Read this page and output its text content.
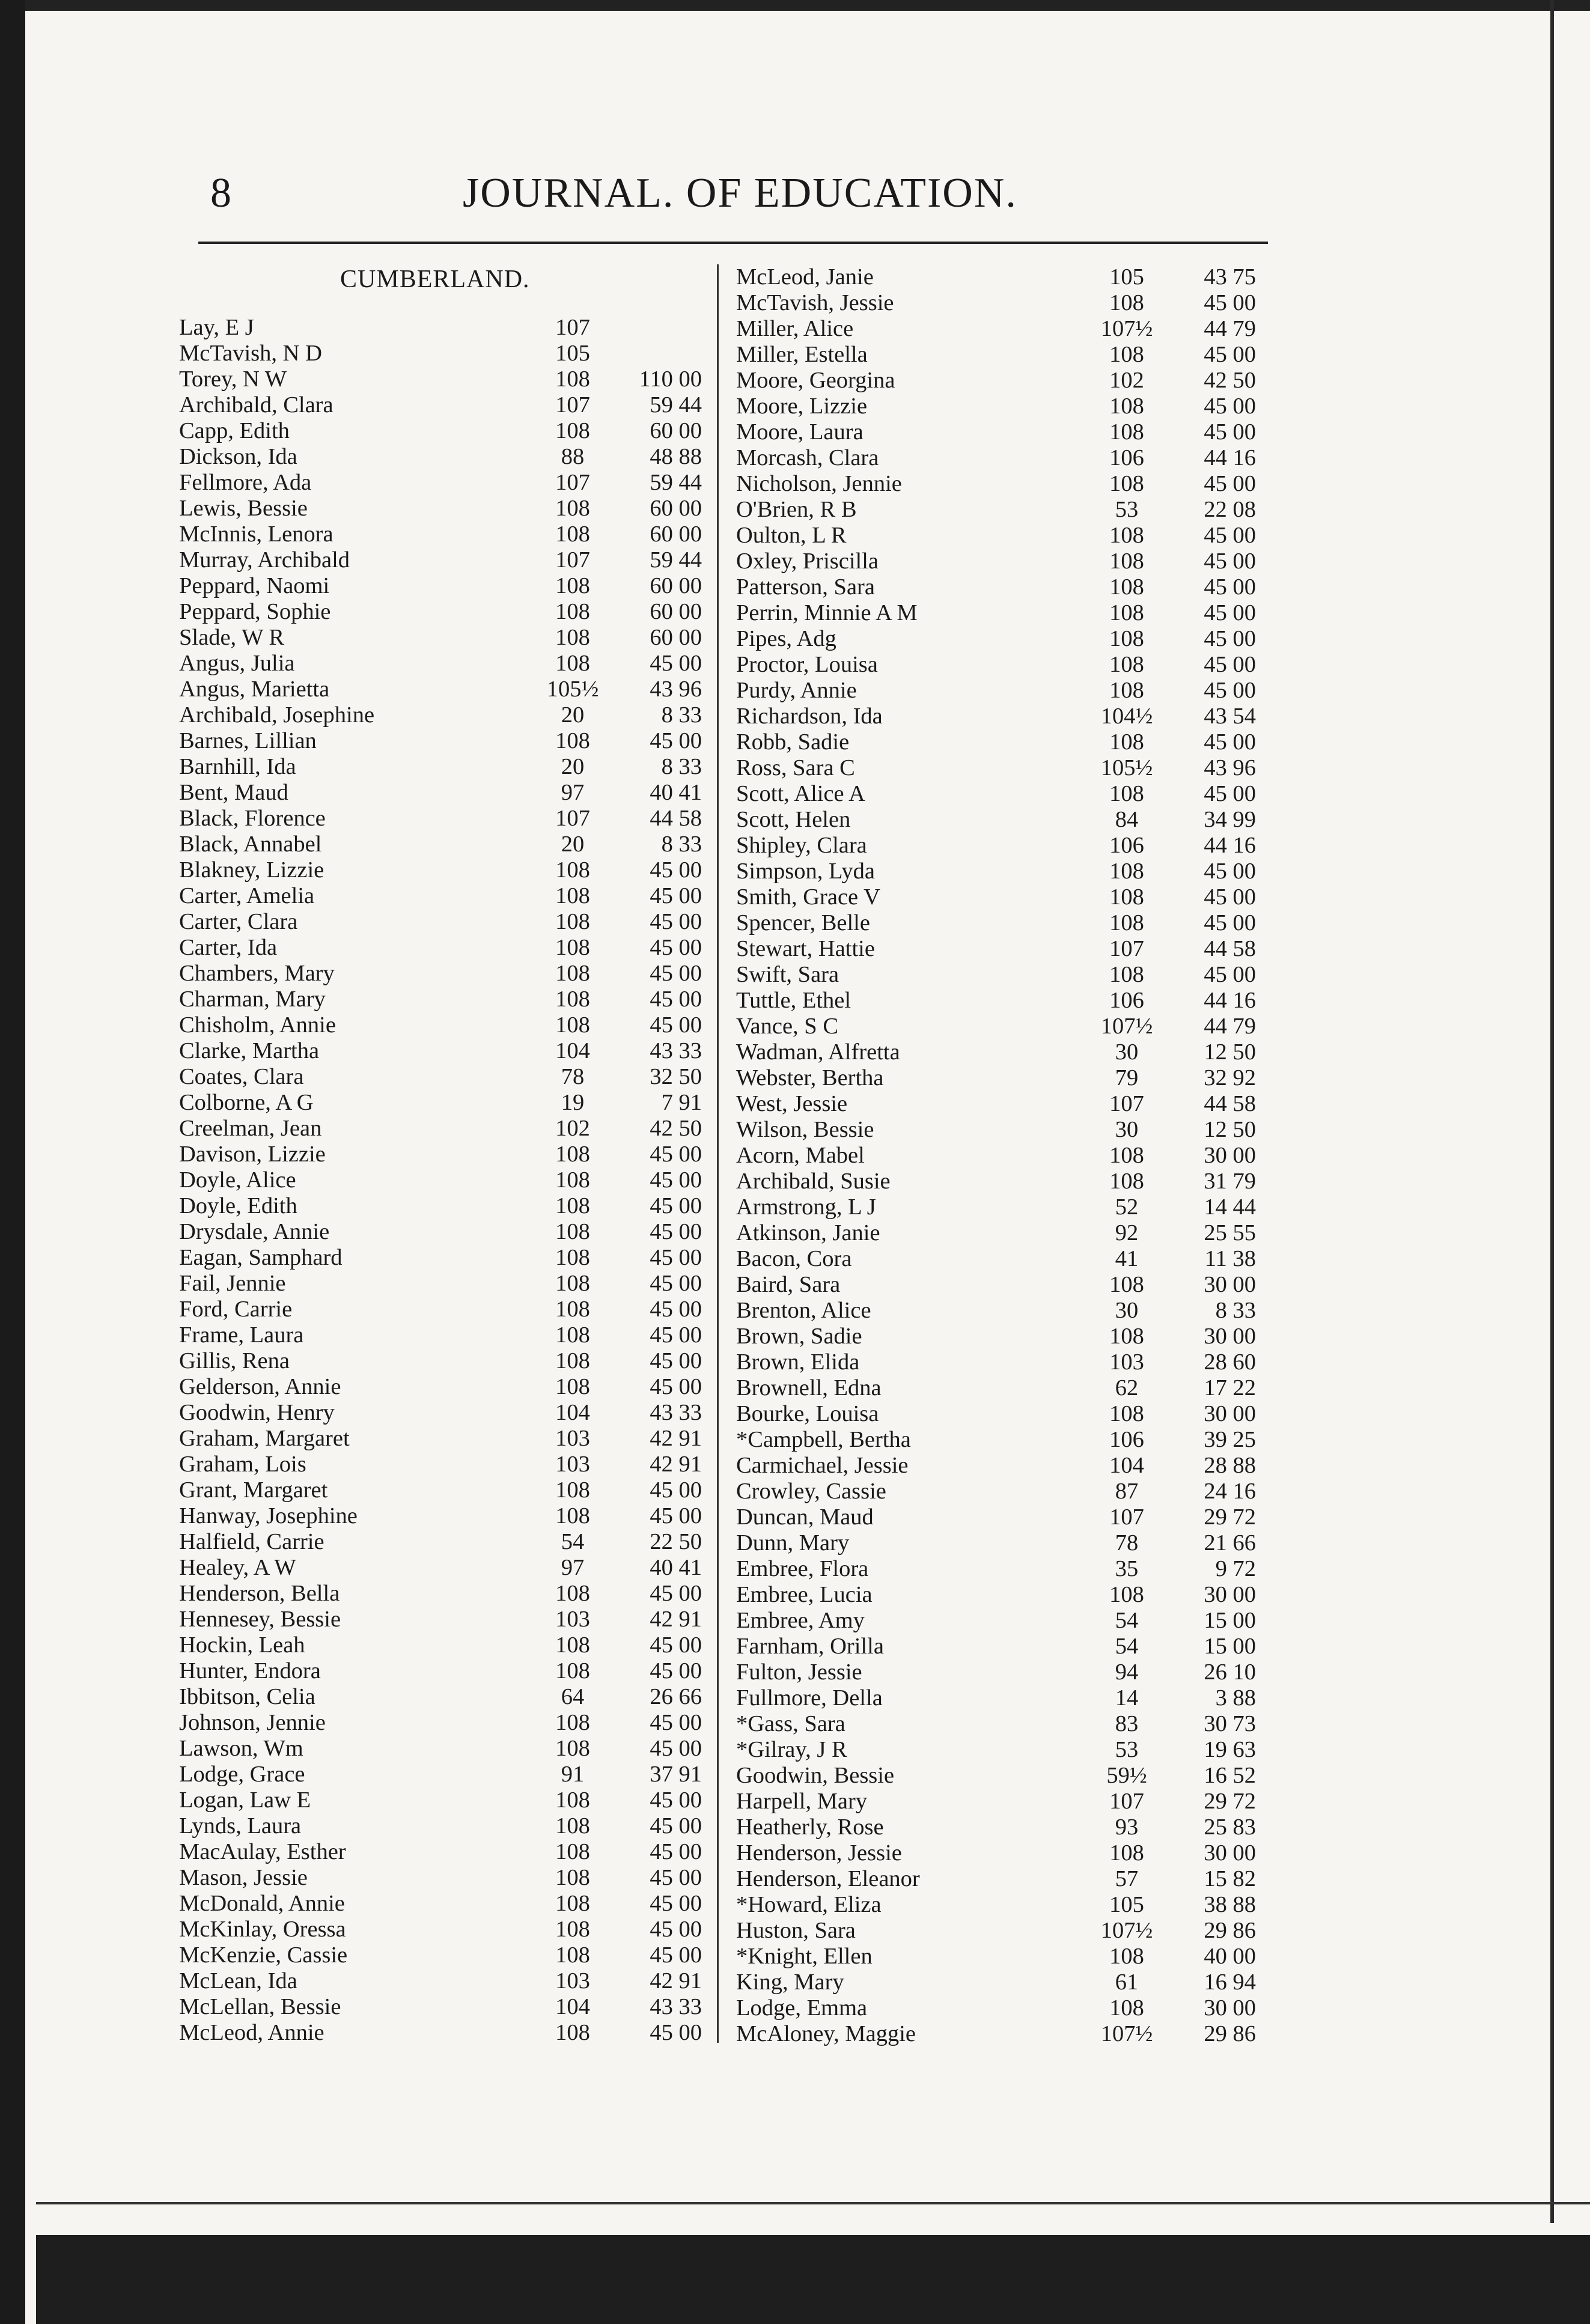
8	JOURNAL. OF EDUCATION.
CUMBERLAND.
Lay, E J	107
McTavish, N D	105
Torey, N W	108	110 00
Archibald, Clara	107	59 44
Capp, Edith	108	60 00
Dickson, Ida	88	48 88
Fellmore, Ada	107	59 44
Lewis, Bessie	108	60 00
McInnis, Lenora	108	60 00
Murray, Archibald	107	59 44
Peppard, Naomi	108	60 00
Peppard, Sophie	108	60 00
Slade, W R	108	60 00
Angus, Julia	108	45 00
Angus, Marietta	105½	43 96
Archibald, Josephine	20	8 33
Barnes, Lillian	108	45 00
Barnhill, Ida	20	8 33
Bent, Maud	97	40 41
Black, Florence	107	44 58
Black, Annabel	20	8 33
Blakney, Lizzie	108	45 00
Carter, Amelia	108	45 00
Carter, Clara	108	45 00
Carter, Ida	108	45 00
Chambers, Mary	108	45 00
Charman, Mary	108	45 00
Chisholm, Annie	108	45 00
Clarke, Martha	104	43 33
Coates, Clara	78	32 50
Colborne, A G	19	7 91
Creelman, Jean	102	42 50
Davison, Lizzie	108	45 00
Doyle, Alice	108	45 00
Doyle, Edith	108	45 00
Drysdale, Annie	108	45 00
Eagan, Samphard	108	45 00
Fail, Jennie	108	45 00
Ford, Carrie	108	45 00
Frame, Laura	108	45 00
Gillis, Rena	108	45 00
Gelderson, Annie	108	45 00
Goodwin, Henry	104	43 33
Graham, Margaret	103	42 91
Graham, Lois	103	42 91
Grant, Margaret	108	45 00
Hanway, Josephine	108	45 00
Halfield, Carrie	54	22 50
Healey, A W	97	40 41
Henderson, Bella	108	45 00
Hennesey, Bessie	103	42 91
Hockin, Leah	108	45 00
Hunter, Endora	108	45 00
Ibbitson, Celia	64	26 66
Johnson, Jennie	108	45 00
Lawson, Wm	108	45 00
Lodge, Grace	91	37 91
Logan, Law E	108	45 00
Lynds, Laura	108	45 00
MacAulay, Esther	108	45 00
Mason, Jessie	108	45 00
McDonald, Annie	108	45 00
McKinlay, Oressa	108	45 00
McKenzie, Cassie	108	45 00
McLean, Ida	103	42 91
McLellan, Bessie	104	43 33
McLeod, Annie	108	45 00
McLeod, Janie	105	43 75
McTavish, Jessie	108	45 00
Miller, Alice	107½	44 79
Miller, Estella	108	45 00
Moore, Georgina	102	42 50
Moore, Lizzie	108	45 00
Moore, Laura	108	45 00
Morcash, Clara	106	44 16
Nicholson, Jennie	108	45 00
O'Brien, R B	53	22 08
Oulton, L R	108	45 00
Oxley, Priscilla	108	45 00
Patterson, Sara	108	45 00
Perrin, Minnie A M	108	45 00
Pipes, Adg	108	45 00
Proctor, Louisa	108	45 00
Purdy, Annie	108	45 00
Richardson, Ida	104½	43 54
Robb, Sadie	108	45 00
Ross, Sara C	105½	43 96
Scott, Alice A	108	45 00
Scott, Helen	84	34 99
Shipley, Clara	106	44 16
Simpson, Lyda	108	45 00
Smith, Grace V	108	45 00
Spencer, Belle	108	45 00
Stewart, Hattie	107	44 58
Swift, Sara	108	45 00
Tuttle, Ethel	106	44 16
Vance, S C	107½	44 79
Wadman, Alfretta	30	12 50
Webster, Bertha	79	32 92
West, Jessie	107	44 58
Wilson, Bessie	30	12 50
Acorn, Mabel	108	30 00
Archibald, Susie	108	31 79
Armstrong, L J	52	14 44
Atkinson, Janie	92	25 55
Bacon, Cora	41	11 38
Baird, Sara	108	30 00
Brenton, Alice	30	8 33
Brown, Sadie	108	30 00
Brown, Elida	103	28 60
Brownell, Edna	62	17 22
Bourke, Louisa	108	30 00
*Campbell, Bertha	106	39 25
Carmichael, Jessie	104	28 88
Crowley, Cassie	87	24 16
Duncan, Maud	107	29 72
Dunn, Mary	78	21 66
Embree, Flora	35	9 72
Embree, Lucia	108	30 00
Embree, Amy	54	15 00
Farnham, Orilla	54	15 00
Fulton, Jessie	94	26 10
Fullmore, Della	14	3 88
*Gass, Sara	83	30 73
*Gilray, J R	53	19 63
Goodwin, Bessie	59½	16 52
Harpell, Mary	107	29 72
Heatherly, Rose	93	25 83
Henderson, Jessie	108	30 00
Henderson, Eleanor	57	15 82
*Howard, Eliza	105	38 88
Huston, Sara	107½	29 86
*Knight, Ellen	108	40 00
King, Mary	61	16 94
Lodge, Emma	108	30 00
McAloney, Maggie	107½	29 86
